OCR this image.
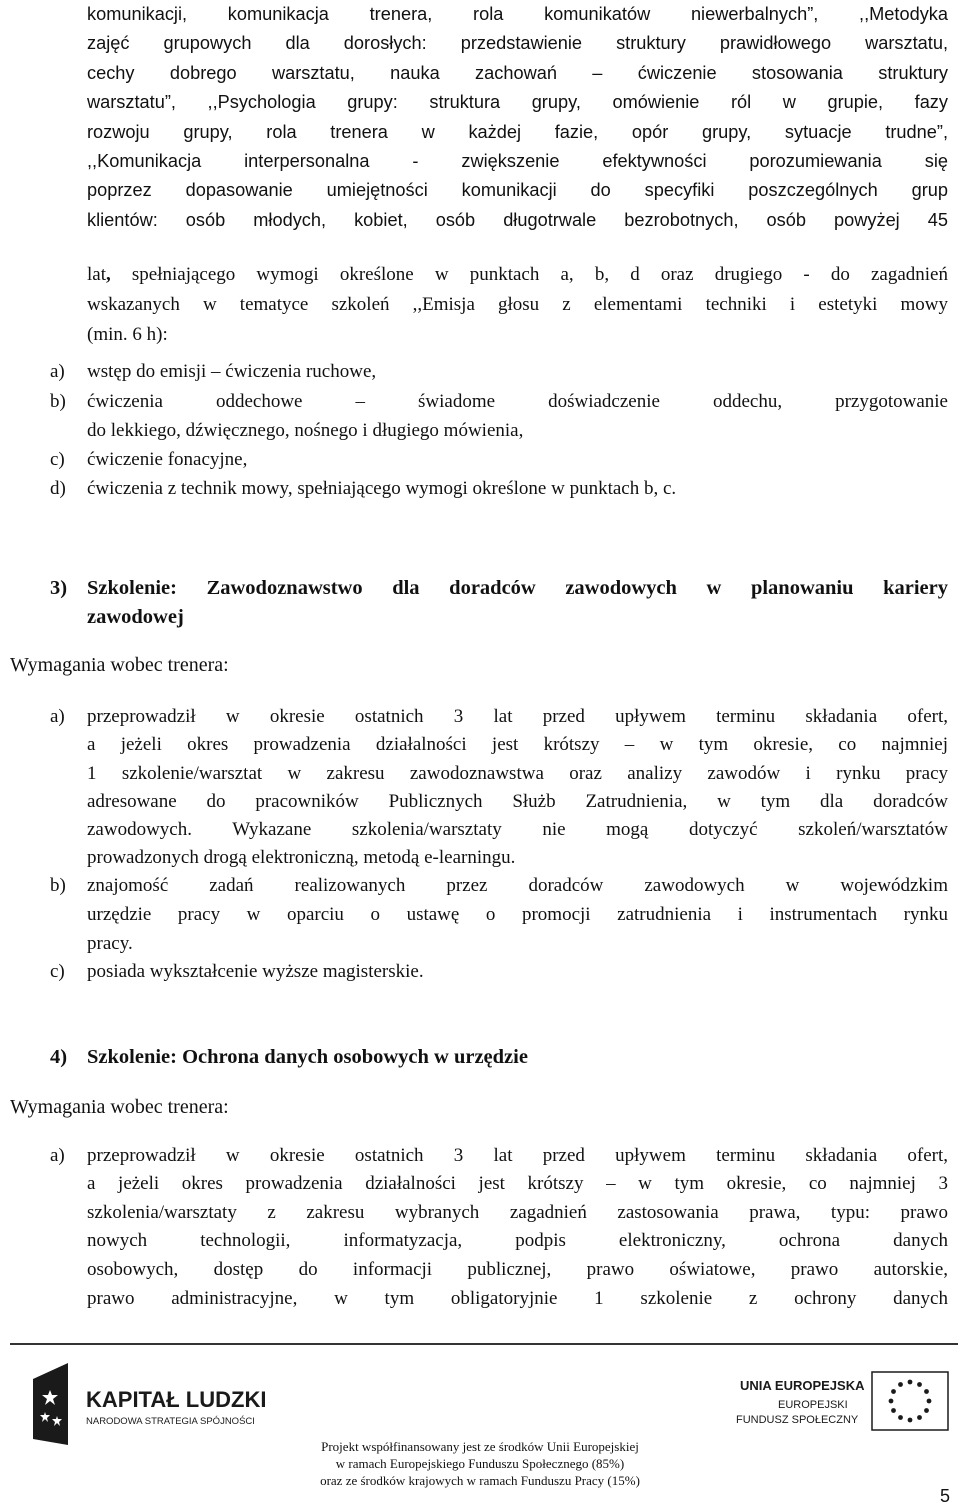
komunikacji, komunikacja trenera, rola komunikatów niewerbalnych”, ,,Metodyka

zajęć grupowych dla dorosłych: przedstawienie struktury prawidłowego warsztatu,

cechy dobrego warsztatu, nauka zachowań – ćwiczenie stosowania struktury

warsztatu”, ,,Psychologia grupy: struktura grupy, omówienie ról w grupie, fazy

rozwoju grupy, rola trenera w każdej fazie, opór grupy, sytuacje trudne”,

,,Komunikacja interpersonalna - zwiększenie efektywności porozumiewania się

poprzez dopasowanie umiejętności komunikacji do specyfiki poszczególnych grup

klientów: osób młodych, kobiet, osób długotrwale bezrobotnych, osób powyżej 45

lat, spełniającego wymogi określone w punktach a, b, d oraz drugiego - do zagadnień

wskazanych w tematyce szkoleń ,,Emisja głosu z elementami techniki i estetyki mowy

(min. 6 h):

a) wstęp do emisji – ćwiczenia ruchowe,
b) ćwiczenia oddechowe – świadome doświadczenie oddechu, przygotowanie
do lekkiego, dźwięcznego, nośnego i długiego mówienia,
c) ćwiczenie fonacyjne,
d) ćwiczenia z technik mowy, spełniającego wymogi określone w punktach b, c.
3) Szkolenie: Zawodoznawstwo dla doradców zawodowych w planowaniu kariery
zawodowej
Wymagania wobec trenera:
a) przeprowadził w okresie ostatnich 3 lat przed upływem terminu składania ofert,
a jeżeli okres prowadzenia działalności jest krótszy – w tym okresie, co najmniej
1 szkolenie/warsztat w zakresu zawodoznawstwa oraz analizy zawodów i rynku pracy
adresowane do pracowników Publicznych Służb Zatrudnienia, w tym dla doradców
zawodowych. Wykazane szkolenia/warsztaty nie mogą dotyczyć szkoleń/warsztatów
prowadzonych drogą elektroniczną, metodą e-learningu.
b) znajomość zadań realizowanych przez doradców zawodowych w wojewódzkim
urzędzie pracy w oparciu o ustawę o promocji zatrudnienia i instrumentach rynku
pracy.
c) posiada wykształcenie wyższe magisterskie.
4) Szkolenie: Ochrona danych osobowych w urzędzie
Wymagania wobec trenera:
a) przeprowadził w okresie ostatnich 3 lat przed upływem terminu składania ofert,
a jeżeli okres prowadzenia działalności jest krótszy – w tym okresie, co najmniej 3
szkolenia/warsztaty z zakresu wybranych zagadnień zastosowania prawa, typu: prawo
nowych technologii, informatyzacja, podpis elektroniczny, ochrona danych
osobowych, dostęp do informacji publicznej, prawo oświatowe, prawo autorskie,
prawo administracyjne, w tym obligatoryjnie 1 szkolenie z ochrony danych
KAPITAŁ LUDZKI
NARODOWA STRATEGIA SPÓJNOŚCI
UNIA EUROPEJSKA
EUROPEJSKI
FUNDUSZ SPOŁECZNY
Projekt współfinansowany jest ze środków Unii Europejskiej
w ramach Europejskiego Funduszu Społecznego (85%)
oraz ze środków krajowych w ramach Funduszu Pracy (15%)
5
